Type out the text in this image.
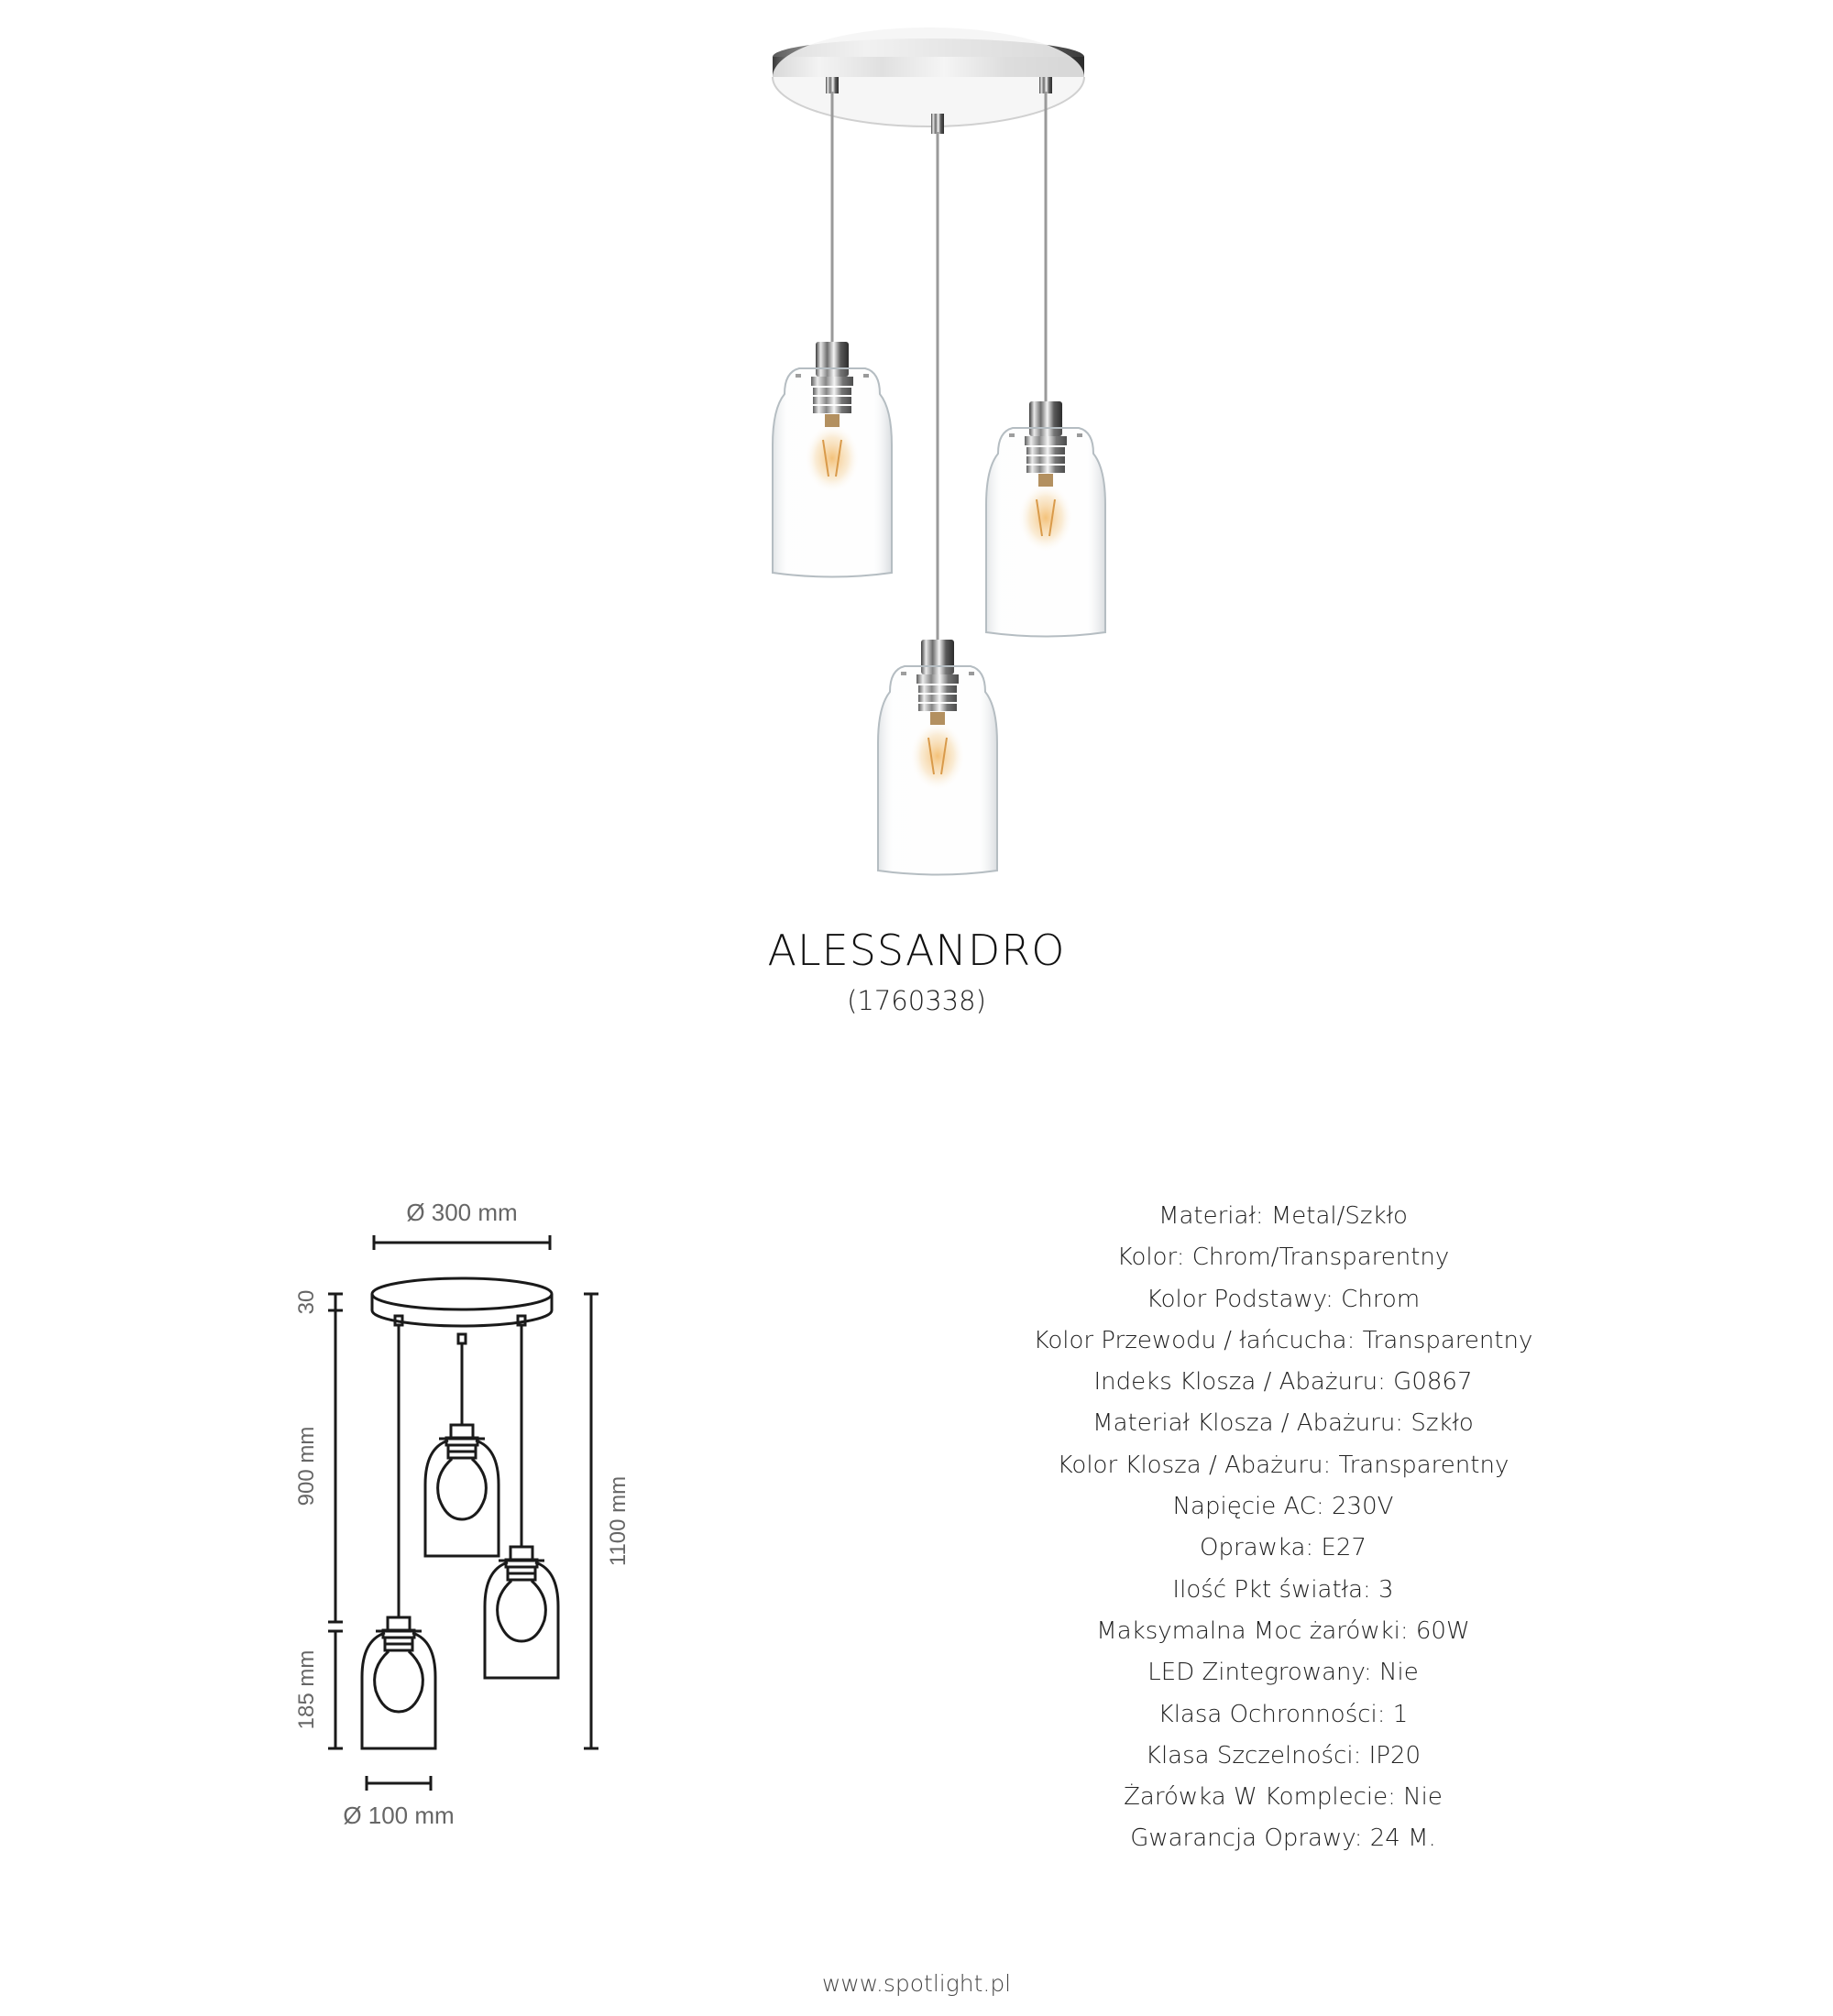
ALESSANDRO
(1760338)
Ø 300 mm
30
900 mm
185 mm
1100 mm
Ø 100 mm
Materiał: Metal/Szkło
Kolor: Chrom/Transparentny
Kolor Podstawy: Chrom
Kolor Przewodu / łańcucha: Transparentny
Indeks Klosza / Abażuru: G0867
Materiał Klosza / Abażuru: Szkło
Kolor Klosza / Abażuru: Transparentny
Napięcie AC: 230V
Oprawka: E27
Ilość Pkt światła: 3
Maksymalna Moc żarówki: 60W
LED Zintegrowany: Nie
Klasa Ochronności: 1
Klasa Szczelności: IP20
Żarówka W Komplecie: Nie
Gwarancja Oprawy: 24 M.
www.spotlight.pl
